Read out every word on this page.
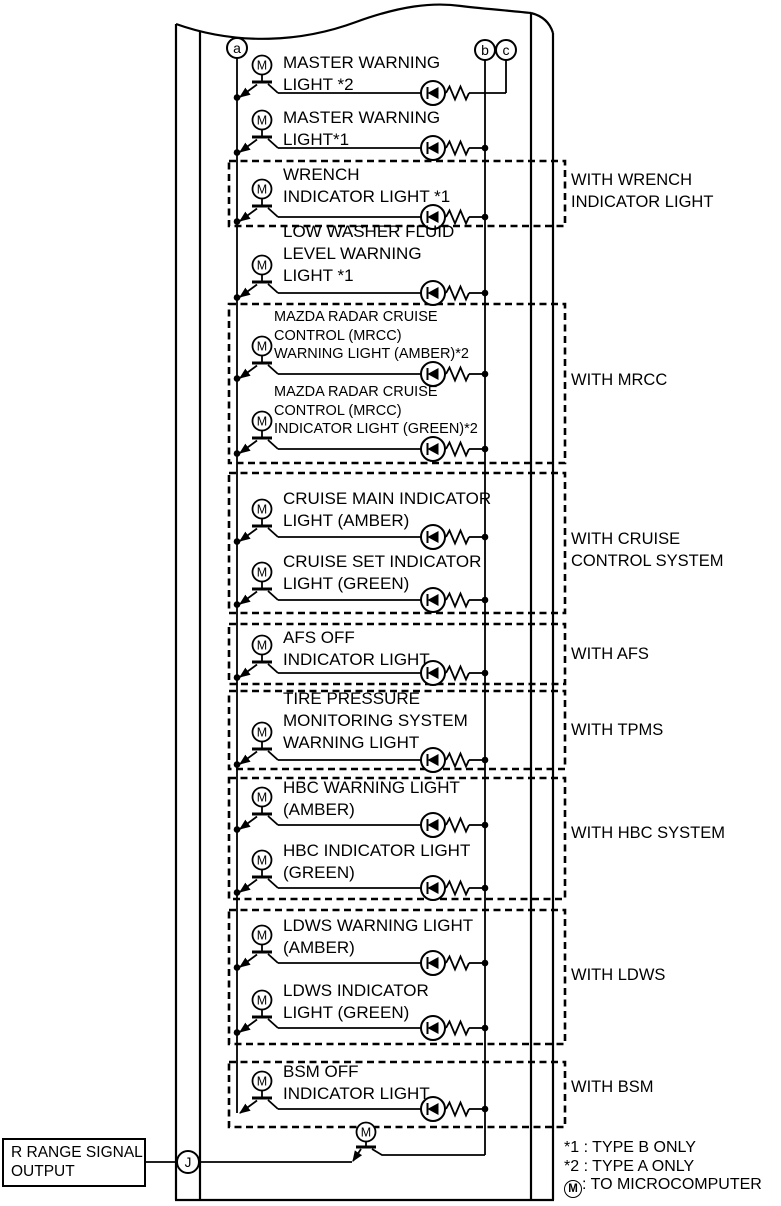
M
M
M
M
M
M
M
M
M
M
M
M
M
M
M
M
a	b c
J
MASTER WARNING
LIGHT *2
MASTER WARNING
LIGHT*1
WRENCH
INDICATOR LIGHT *1
LOW WASHER FLUID
LEVEL WARNING
LIGHT *1
MAZDA RADAR CRUISE
CONTROL (MRCC)
WARNING LIGHT (AMBER)*2
MAZDA RADAR CRUISE
CONTROL (MRCC)
INDICATOR LIGHT (GREEN)*2
CRUISE MAIN INDICATOR
LIGHT (AMBER)
CRUISE SET INDICATOR
LIGHT (GREEN)
AFS OFF
INDICATOR LIGHT
TIRE PRESSURE
MONITORING SYSTEM
WARNING LIGHT
HBC WARNING LIGHT
(AMBER)
HBC INDICATOR LIGHT
(GREEN)
LDWS WARNING LIGHT
(AMBER)
LDWS INDICATOR
LIGHT (GREEN)
BSM OFF
INDICATOR LIGHT
WITH WRENCH
INDICATOR LIGHT
WITH MRCC
WITH CRUISE
CONTROL SYSTEM
WITH AFS
WITH TPMS
WITH HBC SYSTEM
WITH LDWS
WITH BSM
R RANGE SIGNAL
OUTPUT
*1 : TYPE B ONLY
*2 : TYPE A ONLY
M : TO MICROCOMPUTER
